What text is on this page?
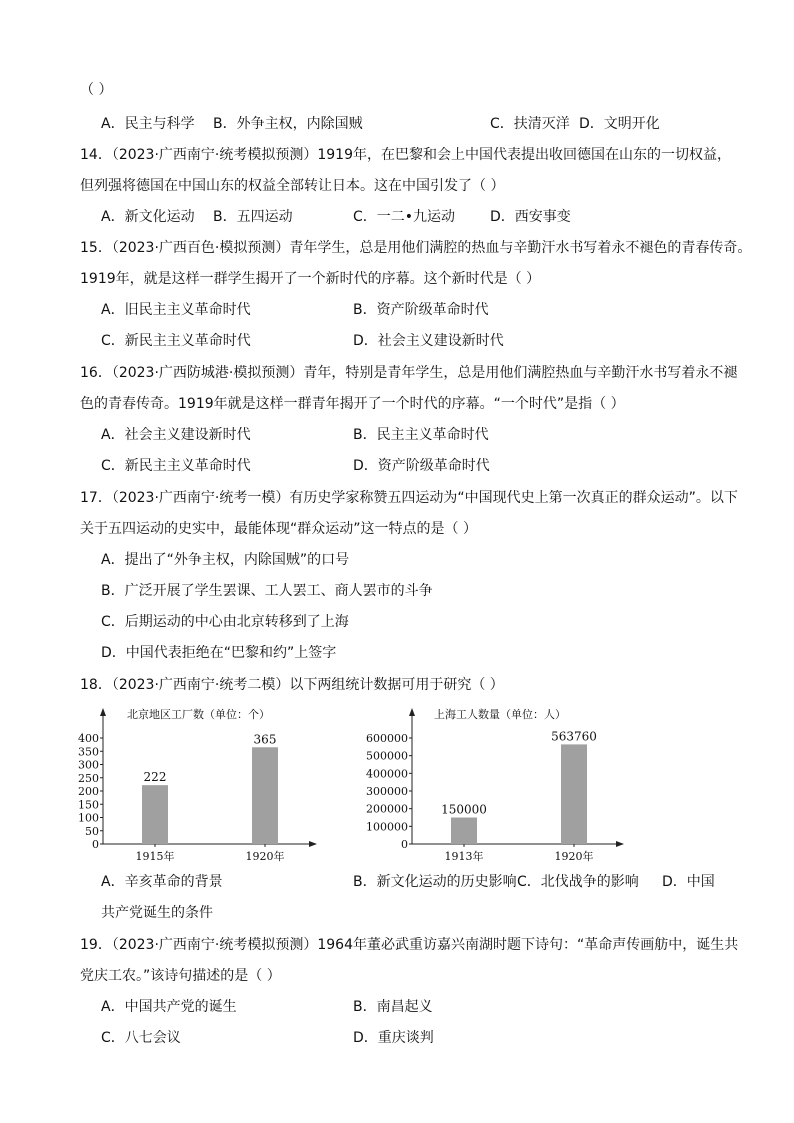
（ ）
A．民主与科学 B．外争主权，内除国贼	C．扶清灭洋 D．文明开化
14．（2023·广西南宁·统考模拟预测）1919年，在巴黎和会上中国代表提出收回德国在山东的一切权益，
但列强将德国在中国山东的权益全部转让日本。这在中国引发了（ ）
A．新文化运动 B．五四运动	C．一二•九运动 D．西安事变
15．（2023·广西百色·模拟预测）青年学生，总是用他们满腔的热血与辛勤汗水书写着永不褪色的青春传奇。
1919年，就是这样一群学生揭开了一个新时代的序幕。这个新时代是（ ）
A．旧民主主义革命时代	B．资产阶级革命时代
C．新民主主义革命时代	D．社会主义建设新时代
16．（2023·广西防城港·模拟预测）青年，特别是青年学生，总是用他们满腔热血与辛勤汗水书写着永不褪
色的青春传奇。1919年就是这样一群青年揭开了一个时代的序幕。“一个时代”是指（ ）
A．社会主义建设新时代	B．民主主义革命时代
C．新民主主义革命时代	D．资产阶级革命时代
17．（2023·广西南宁·统考一模）有历史学家称赞五四运动为“中国现代史上第一次真正的群众运动”。以下
关于五四运动的史实中，最能体现“群众运动”这一特点的是（ ）
A．提出了“外争主权，内除国贼”的口号
B．广泛开展了学生罢课、工人罢工、商人罢市的斗争
C．后期运动的中心由北京转移到了上海
D．中国代表拒绝在“巴黎和约”上签字
18．（2023·广西南宁·统考二模）以下两组统计数据可用于研究（ ）
北京地区工厂数（单位：个）
0
50
100
150
200
250
300
350
400
222
1915年
365
1920年
上海工人数量（单位：人）
0
100000
200000
300000
400000
500000
600000
150000
1913年
563760
1920年
A．辛亥革命的背景	B．新文化运动的历史影响 C．北伐战争的影响 D．中国
共产党诞生的条件
19．（2023·广西南宁·统考模拟预测）1964年董必武重访嘉兴南湖时题下诗句：“革命声传画舫中，诞生共
党庆工农。”该诗句描述的是（ ）
A．中国共产党的诞生	B．南昌起义
C．八七会议	D．重庆谈判
